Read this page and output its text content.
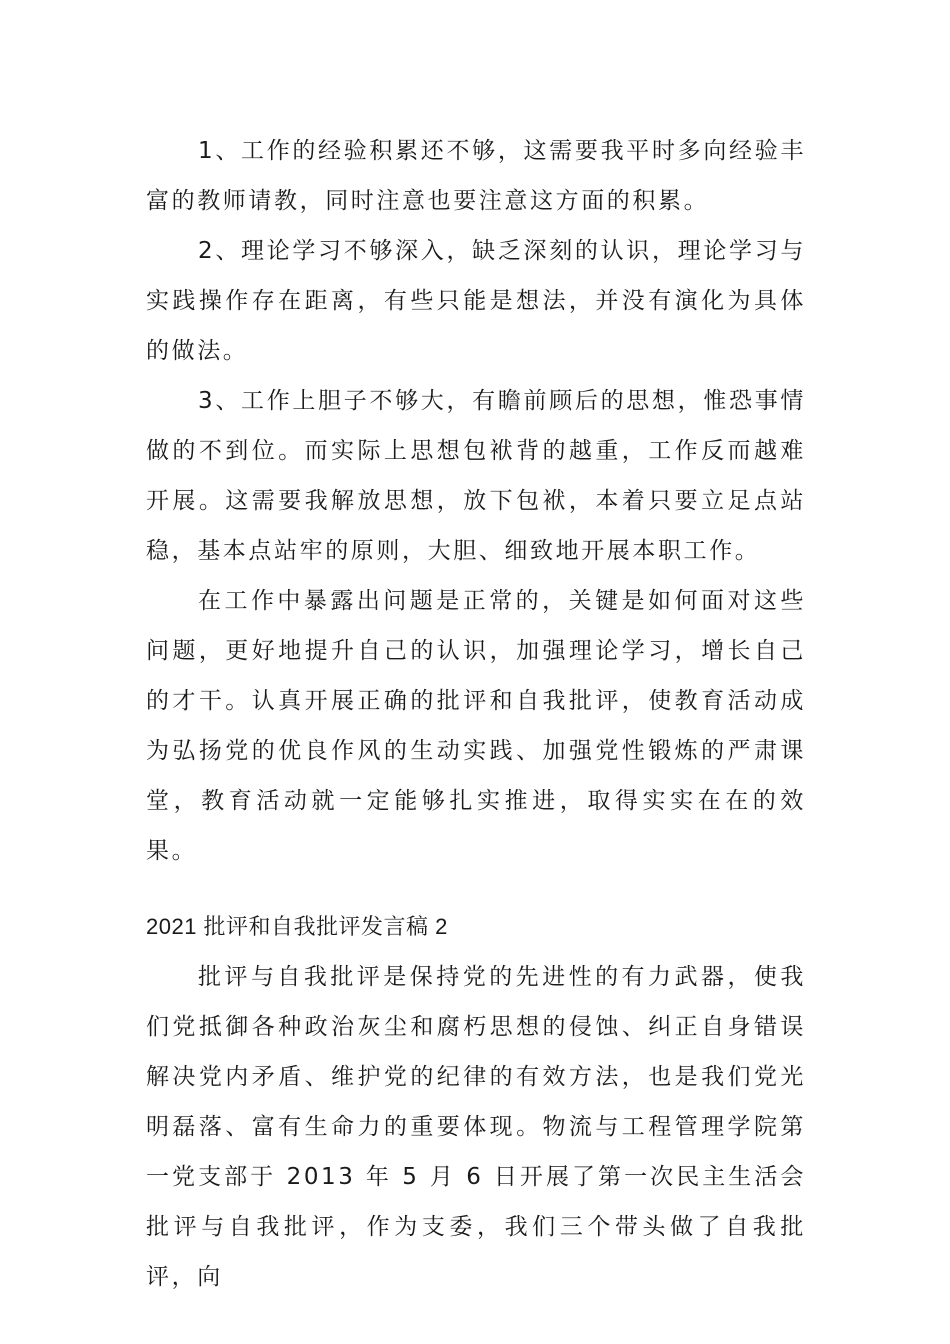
1、工作的经验积累还不够，这需要我平时多向经验丰富的教师请教，同时注意也要注意这方面的积累。

2、理论学习不够深入，缺乏深刻的认识，理论学习与实践操作存在距离，有些只能是想法，并没有演化为具体的做法。

3、工作上胆子不够大，有瞻前顾后的思想，惟恐事情做的不到位。而实际上思想包袱背的越重，工作反而越难开展。这需要我解放思想，放下包袱，本着只要立足点站稳，基本点站牢的原则，大胆、细致地开展本职工作。

在工作中暴露出问题是正常的，关键是如何面对这些问题，更好地提升自己的认识，加强理论学习，增长自己的才干。认真开展正确的批评和自我批评，使教育活动成为弘扬党的优良作风的生动实践、加强党性锻炼的严肃课堂，教育活动就一定能够扎实推进，取得实实在在的效果。

2021 批评和自我批评发言稿 2

批评与自我批评是保持党的先进性的有力武器，使我们党抵御各种政治灰尘和腐朽思想的侵蚀、纠正自身错误解决党内矛盾、维护党的纪律的有效方法，也是我们党光明磊落、富有生命力的重要体现。物流与工程管理学院第一党支部于 2013 年 5 月 6 日开展了第一次民主生活会批评与自我批评，作为支委，我们三个带头做了自我批评，向
